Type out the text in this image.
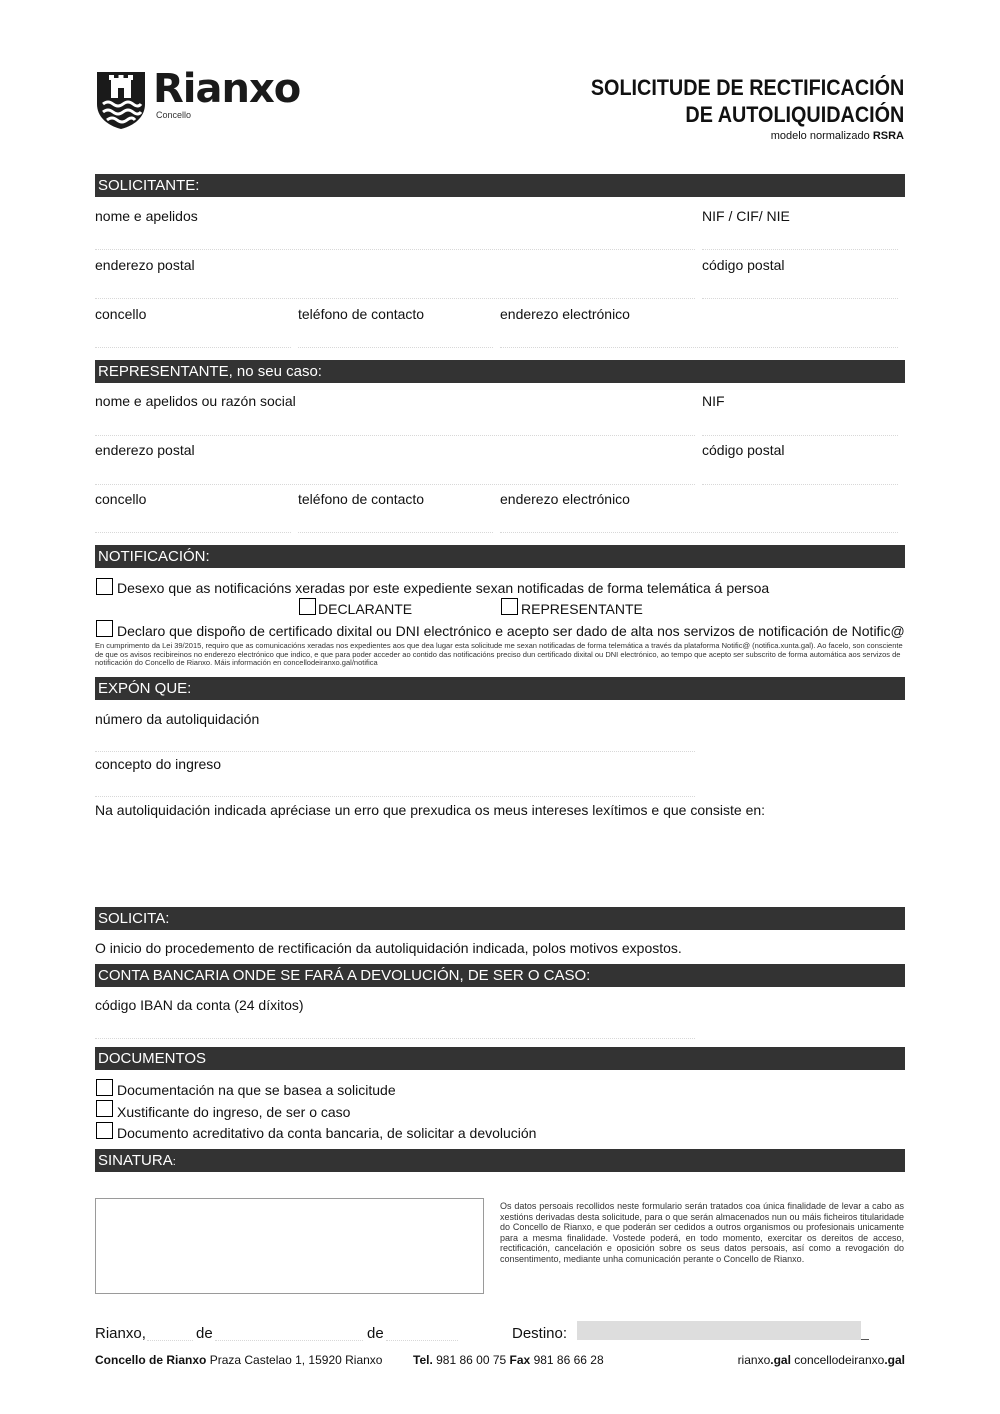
Rianxo
Concello
SOLICITUDE DE RECTIFICACIÓN
DE AUTOLIQUIDACIÓN
modelo normalizado RSRA
SOLICITANTE:
nome e apelidos	NIF / CIF/ NIE
enderezo postal	código postal
concello	teléfono de contacto	enderezo electrónico
REPRESENTANTE, no seu caso:
nome e apelidos ou razón social	NIF
enderezo postal	código postal
concello	teléfono de contacto	enderezo electrónico
NOTIFICACIÓN:
Desexo que as notificacións xeradas por este expediente sexan notificadas de forma telemática á persoa
DECLARANTE	REPRESENTANTE
Declaro que dispoño de certificado dixital ou DNI electrónico e acepto ser dado de alta nos servizos de notificación de Notific@
En cumprimento da Lei 39/2015, requiro que as comunicacións xeradas nos expedientes aos que dea lugar esta solicitude me sexan notificadas de forma telemática a través da plataforma Notific@ (notifica.xunta.gal). Ao facelo, son consciente de que os avisos recibireinos no enderezo electrónico que indico, e que para poder acceder ao contido das notificacións preciso dun certificado dixital ou DNI electrónico, ao tempo que acepto ser subscrito de forma automática aos servizos de notificación do Concello de Rianxo. Máis información en concellodeiranxo.gal/notifica
EXPÓN QUE:
número da autoliquidación
concepto do ingreso
Na autoliquidación indicada apréciase un erro que prexudica os meus intereses lexítimos e que consiste en:
SOLICITA:
O inicio do procedemento de rectificación da autoliquidación indicada, polos motivos expostos.
CONTA BANCARIA ONDE SE FARÁ A DEVOLUCIÓN, DE SER O CASO:
código IBAN da conta (24 díxitos)
DOCUMENTOS
Documentación na que se basea a solicitude
Xustificante do ingreso, de ser o caso
Documento acreditativo da conta bancaria, de solicitar a devolución
SINATURA:
Os datos persoais recollidos neste formulario serán tratados coa única finalidade de levar a cabo as xestións derivadas desta solicitude, para o que serán almacenados nun ou máis ficheiros titularidade do Concello de Rianxo, e que poderán ser cedidos a outros organismos ou profesionais unicamente para a mesma finalidade. Vostede poderá, en todo momento, exercitar os dereitos de acceso, rectificación, cancelación e oposición sobre os seus datos persoais, así como a revogación do consentimento, mediante unha comunicación perante o Concello de Rianxo.
Rianxo,	de	de	Destino:
Concello de Rianxo Praza Castelao 1, 15920 Rianxo	Tel. 981 86 00 75 Fax 981 86 66 28	rianxo.gal concellodeiranxo.gal
